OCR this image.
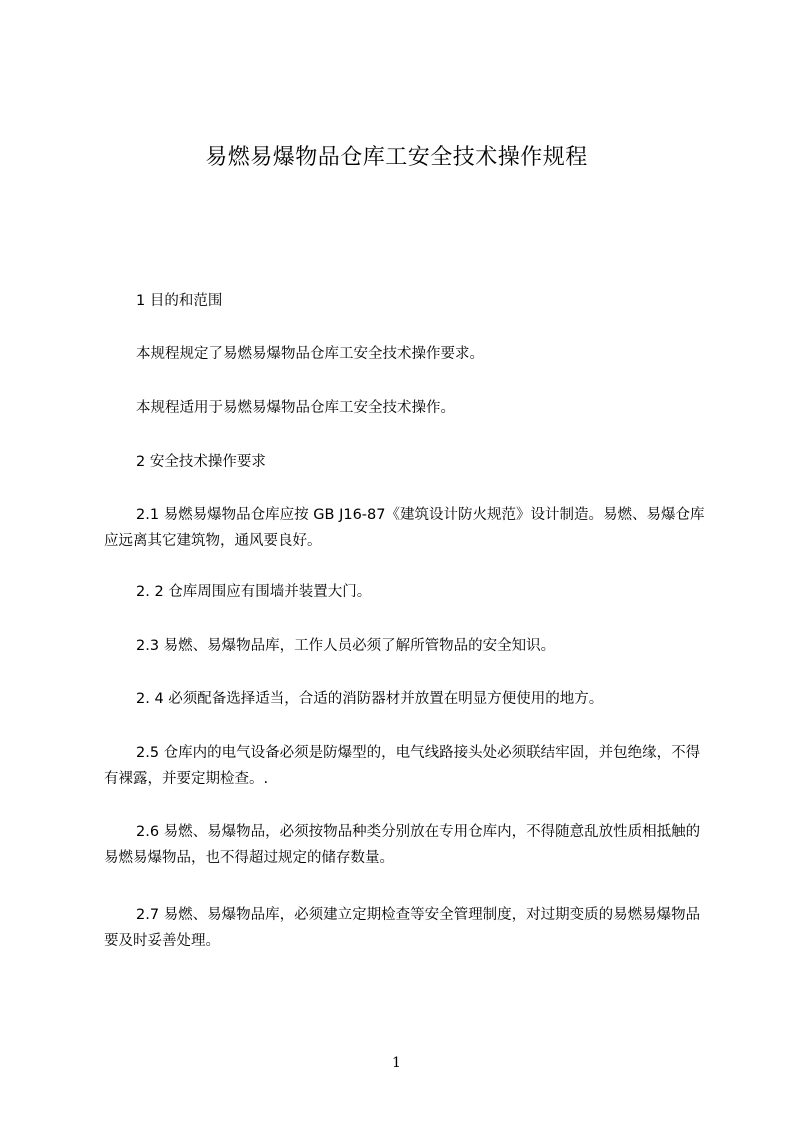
易燃易爆物品仓库工安全技术操作规程
1 目的和范围
本规程规定了易燃易爆物品仓库工安全技术操作要求。
本规程适用于易燃易爆物品仓库工安全技术操作。
2 安全技术操作要求
2.1 易燃易爆物品仓库应按 GB J16-87《建筑设计防火规范》设计制造。易燃、易爆仓库应远离其它建筑物，通风要良好。
2. 2 仓库周围应有围墙并装置大门。
2.3 易燃、易爆物品库，工作人员必须了解所管物品的安全知识。
2. 4 必须配备选择适当，合适的消防器材并放置在明显方便使用的地方。
2.5 仓库内的电气设备必须是防爆型的，电气线路接头处必须联结牢固，并包绝缘，不得有裸露，并要定期检查。.
2.6 易燃、易爆物品，必须按物品种类分别放在专用仓库内，不得随意乱放性质相抵触的易燃易爆物品，也不得超过规定的储存数量。
2.7 易燃、易爆物品库，必须建立定期检查等安全管理制度，对过期变质的易燃易爆物品要及时妥善处理。
1
